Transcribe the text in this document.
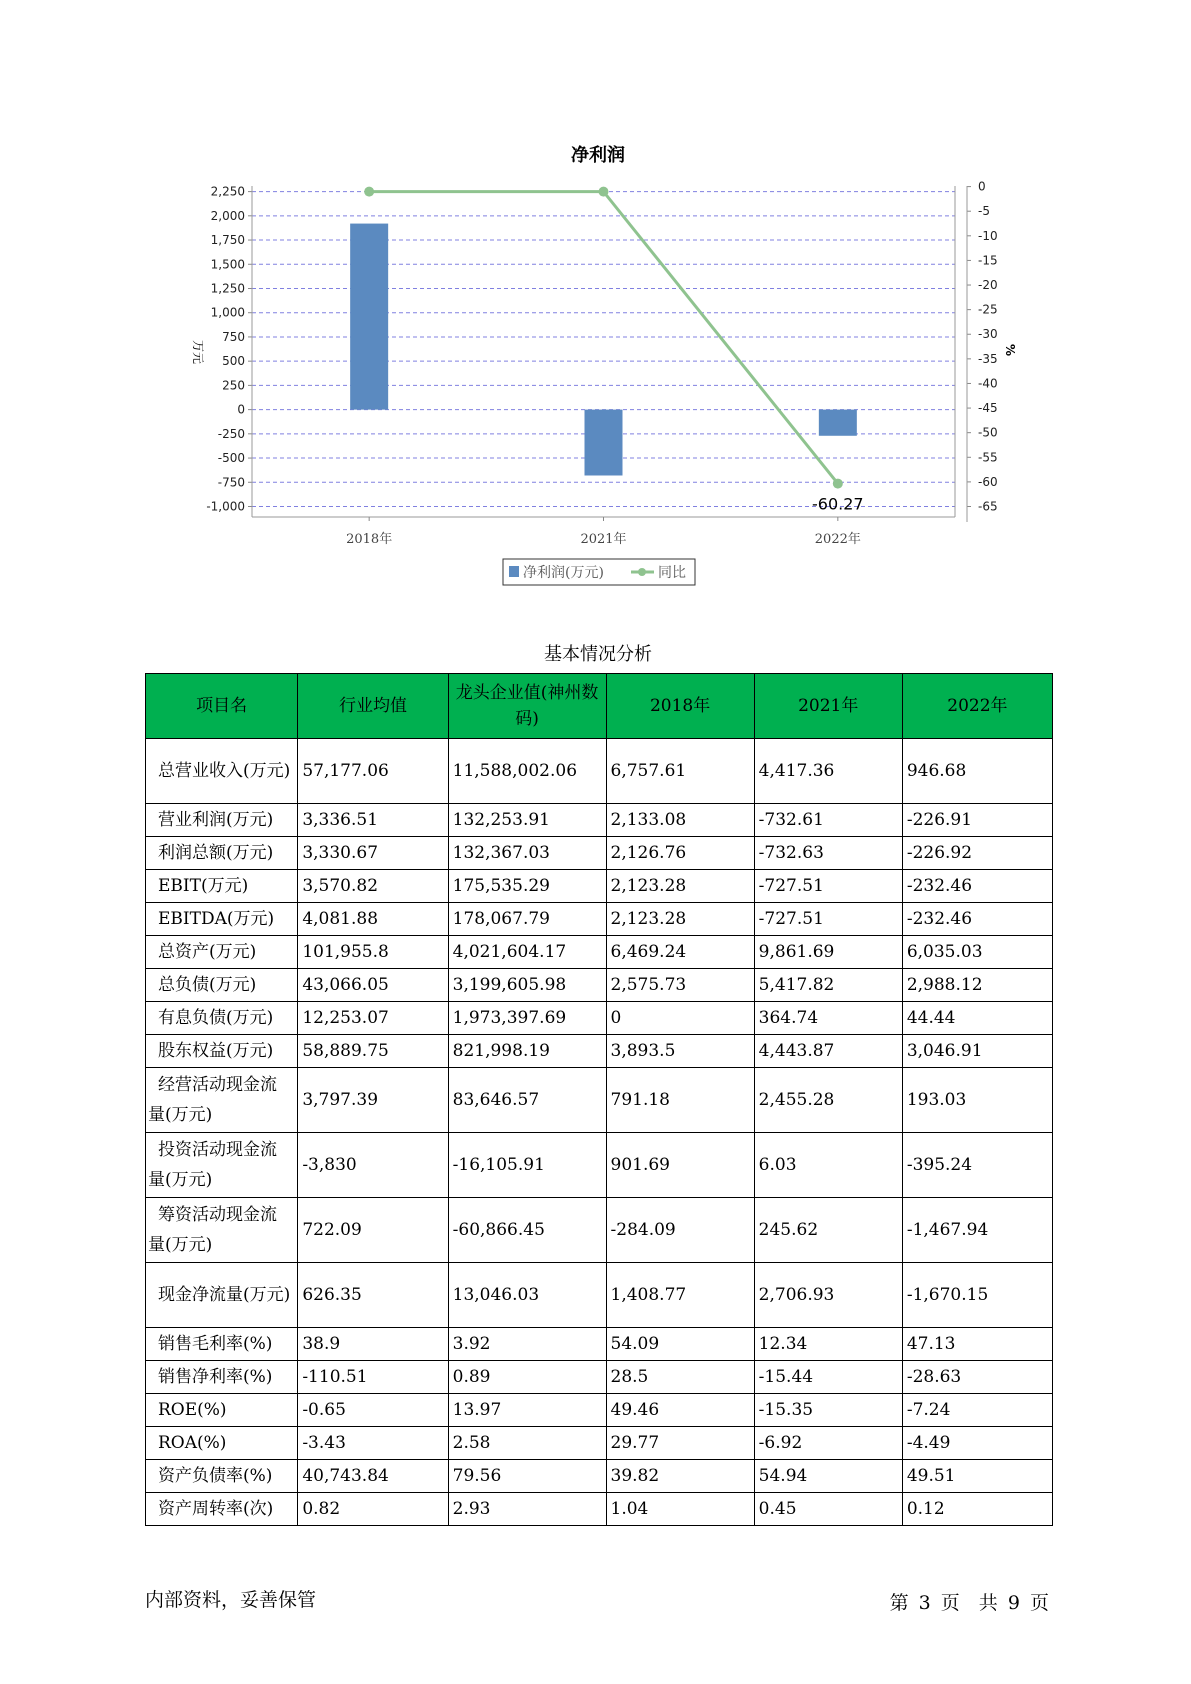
净利润
2,250
2,000
1,750
1,500
1,250
1,000
750
500
250
0
-250
-500
-750
-1,000
0
-5
-10
-15
-20
-25
-30
-35
-40
-45
-50
-55
-60
-65
万元	%
2018年	2021年	2022年
-60.27
净利润(万元)	同比
基本情况分析
项目名	行业均值	龙头企业值(神州数码)	2018年	2021年	2022年
总营业收入(万元)	57,177.06	11,588,002.06	6,757.61	4,417.36	946.68
营业利润(万元)	3,336.51	132,253.91	2,133.08	-732.61	-226.91
利润总额(万元)	3,330.67	132,367.03	2,126.76	-732.63	-226.92
EBIT(万元)	3,570.82	175,535.29	2,123.28	-727.51	-232.46
EBITDA(万元)	4,081.88	178,067.79	2,123.28	-727.51	-232.46
总资产(万元)	101,955.8	4,021,604.17	6,469.24	9,861.69	6,035.03
总负债(万元)	43,066.05	3,199,605.98	2,575.73	5,417.82	2,988.12
有息负债(万元)	12,253.07	1,973,397.69	0	364.74	44.44
股东权益(万元)	58,889.75	821,998.19	3,893.5	4,443.87	3,046.91
经营活动现金流量(万元)	3,797.39	83,646.57	791.18	2,455.28	193.03
投资活动现金流量(万元)	-3,830	-16,105.91	901.69	6.03	-395.24
筹资活动现金流量(万元)	722.09	-60,866.45	-284.09	245.62	-1,467.94
现金净流量(万元)	626.35	13,046.03	1,408.77	2,706.93	-1,670.15
销售毛利率(%)	38.9	3.92	54.09	12.34	47.13
销售净利率(%)	-110.51	0.89	28.5	-15.44	-28.63
ROE(%)	-0.65	13.97	49.46	-15.35	-7.24
ROA(%)	-3.43	2.58	29.77	-6.92	-4.49
资产负债率(%)	40,743.84	79.56	39.82	54.94	49.51
资产周转率(次)	0.82	2.93	1.04	0.45	0.12
内部资料，妥善保管	第 3 页　共 9 页
